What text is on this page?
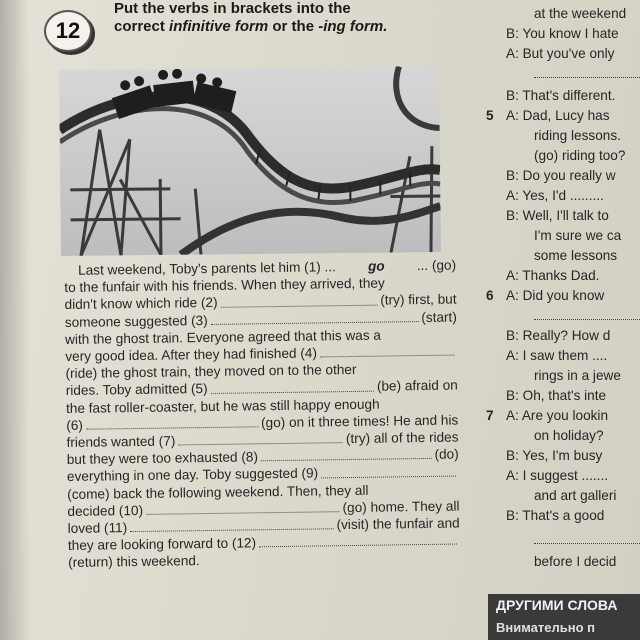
12
Put the verbs in brackets into the
correct infinitive form or the -ing form.
Last weekend, Toby's parents let him (1) ... go ... (go)
to the funfair with his friends. When they arrived, they
didn't know which ride (2)	(try) first, but
someone suggested (3)	(start)
with the ghost train. Everyone agreed that this was a
very good idea. After they had finished (4)
(ride) the ghost train, they moved on to the other
rides. Toby admitted (5)	(be) afraid on
the fast roller-coaster, but he was still happy enough
(6)	(go) on it three times! He and his
friends wanted (7)	(try) all of the rides
but they were too exhausted (8)	(do)
everything in one day. Toby suggested (9)
(come) back the following weekend. Then, they all
decided (10)	(go) home. They all
loved (11)	(visit) the funfair and
they are looking forward to (12)
(return) this weekend.
at the weekend
B: You know I hate
A: But you've only
B: That's different.
5 A: Dad, Lucy has
riding lessons.
(go) riding too?
B: Do you really w
A: Yes, I'd .........
B: Well, I'll talk to
I'm sure we ca
some lessons
A: Thanks Dad.
6 A: Did you know
B: Really? How d
A: I saw them ....
rings in a jewe
B: Oh, that's inte
7 A: Are you lookin
on holiday?
B: Yes, I'm busy
A: I suggest .......
and art galleri
B: That's a good
before I decid
ДРУГИМИ СЛОВА
Внимательно п
